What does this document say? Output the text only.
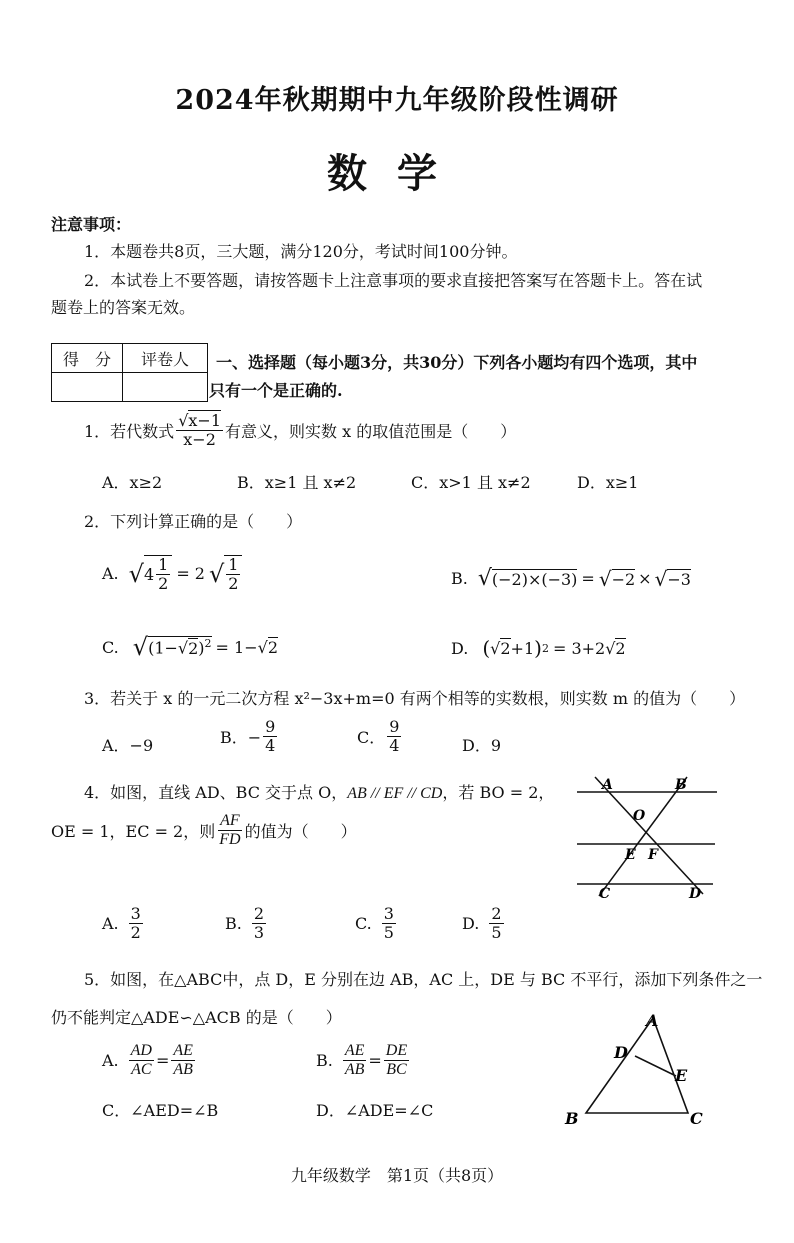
2024年秋期期中九年级阶段性调研
数学
注意事项：
1．本题卷共8页，三大题，满分120分，考试时间100分钟。
2．本试卷上不要答题，请按答题卡上注意事项的要求直接把答案写在答题卡上。答在试
题卷上的答案无效。
得　分	评卷人
	一、选择题（每小题3分，共30分）下列各小题均有四个选项，其中
只有一个是正确的.
1．若代数式 $\frac{√x-1}{x-2}$ 有意义，则实数 x 的取值范围是（　　）
A．x≥2	B．x≥1 且 x≠2	C．x>1 且 x≠2	D．x≥1
2．下列计算正确的是（　　）
A. √ $4 \frac{1}{2} = 2$ √ $\frac{1}{2}$	B. √ (−2)×(−3) = √ −2 × √ −3
C. √ $(1-√2)^2 = 1-$ √ 2	D. ( √ 2 +1 ) 2 = 3+2 √ 2
3．若关于 x 的一元二次方程 x²−3x+m=0 有两个相等的实数根，则实数 m 的值为（　　）
A．−9	B．− $\frac{9}{4}$	C． $\frac{9}{4}$	D．9
4．如图，直线 AD、BC 交于点 O，AB // EF // CD，若 BO = 2，
OE = 1，EC = 2，则 $\frac{AF}{FD}$ 的值为（　　）
A	B
O
E F
C	D
A. $\frac{3}{2}$	B. $\frac{2}{3}$	C. $\frac{3}{5}$	D. $\frac{2}{5}$
5．如图，在△ABC中，点 D，E 分别在边 AB，AC 上，DE 与 BC 不平行，添加下列条件之一
仍不能判定△ADE∽△ACB 的是（　　）
A. $\frac{AD}{AC} = \frac{AE}{AB}$	B. $\frac{AE}{AB} = \frac{DE}{BC}$
C．∠AED=∠B	D．∠ADE=∠C
A
D
E
B	C
九年级数学　第1页（共8页）
